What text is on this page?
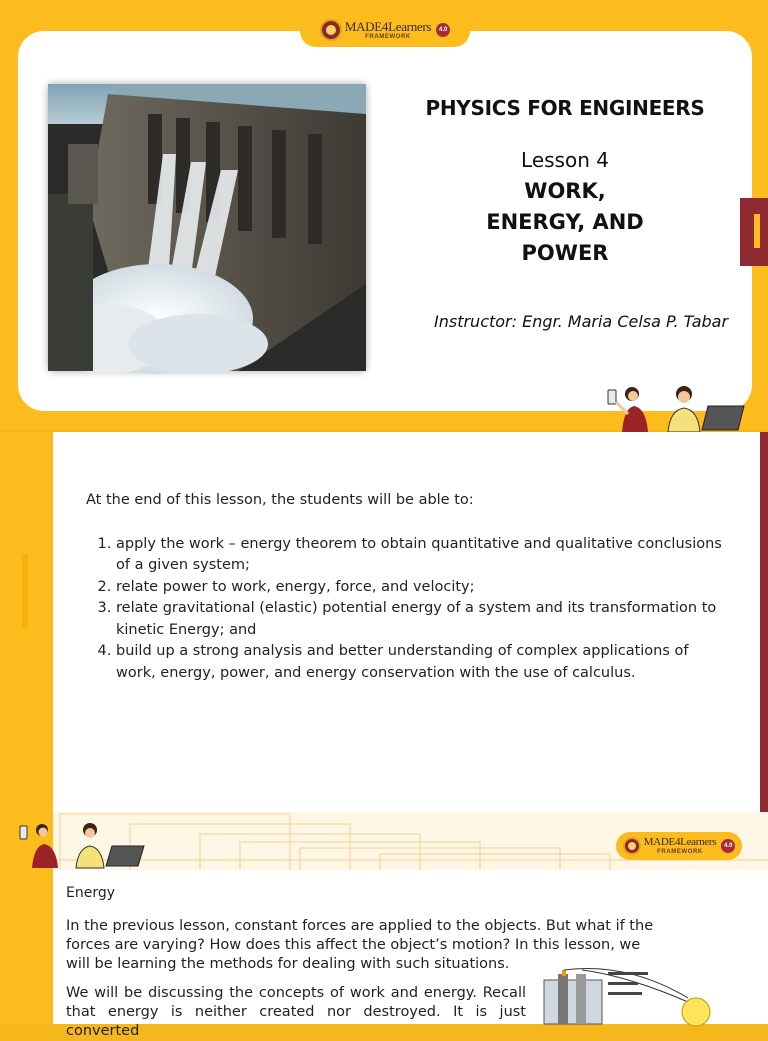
MADE4Learners
FRAMEWORK
4.0
PHYSICS FOR ENGINEERS
Lesson 4
WORK,
ENERGY, AND
POWER
Instructor: Engr. Maria Celsa P. Tabar

At the end of this lesson, the students will be able to:

1. apply the work – energy theorem to obtain quantitative and qualitative conclusions of a given system;
2. relate power to work, energy, force, and velocity;
3. relate gravitational (elastic) potential energy of a system and its transformation to kinetic Energy; and
4. build up a strong analysis and better understanding of complex applications of work, energy, power, and energy conservation with the use of calculus.
MADE4Learners
FRAMEWORK
4.0
Energy

In the previous lesson, constant forces are applied to the objects. But what if the forces are varying? How does this affect the object’s motion? In this lesson, we will be learning the methods for dealing with such situations.

We will be discussing the concepts of work and energy. Recall that energy is neither created nor destroyed. It is just converted
